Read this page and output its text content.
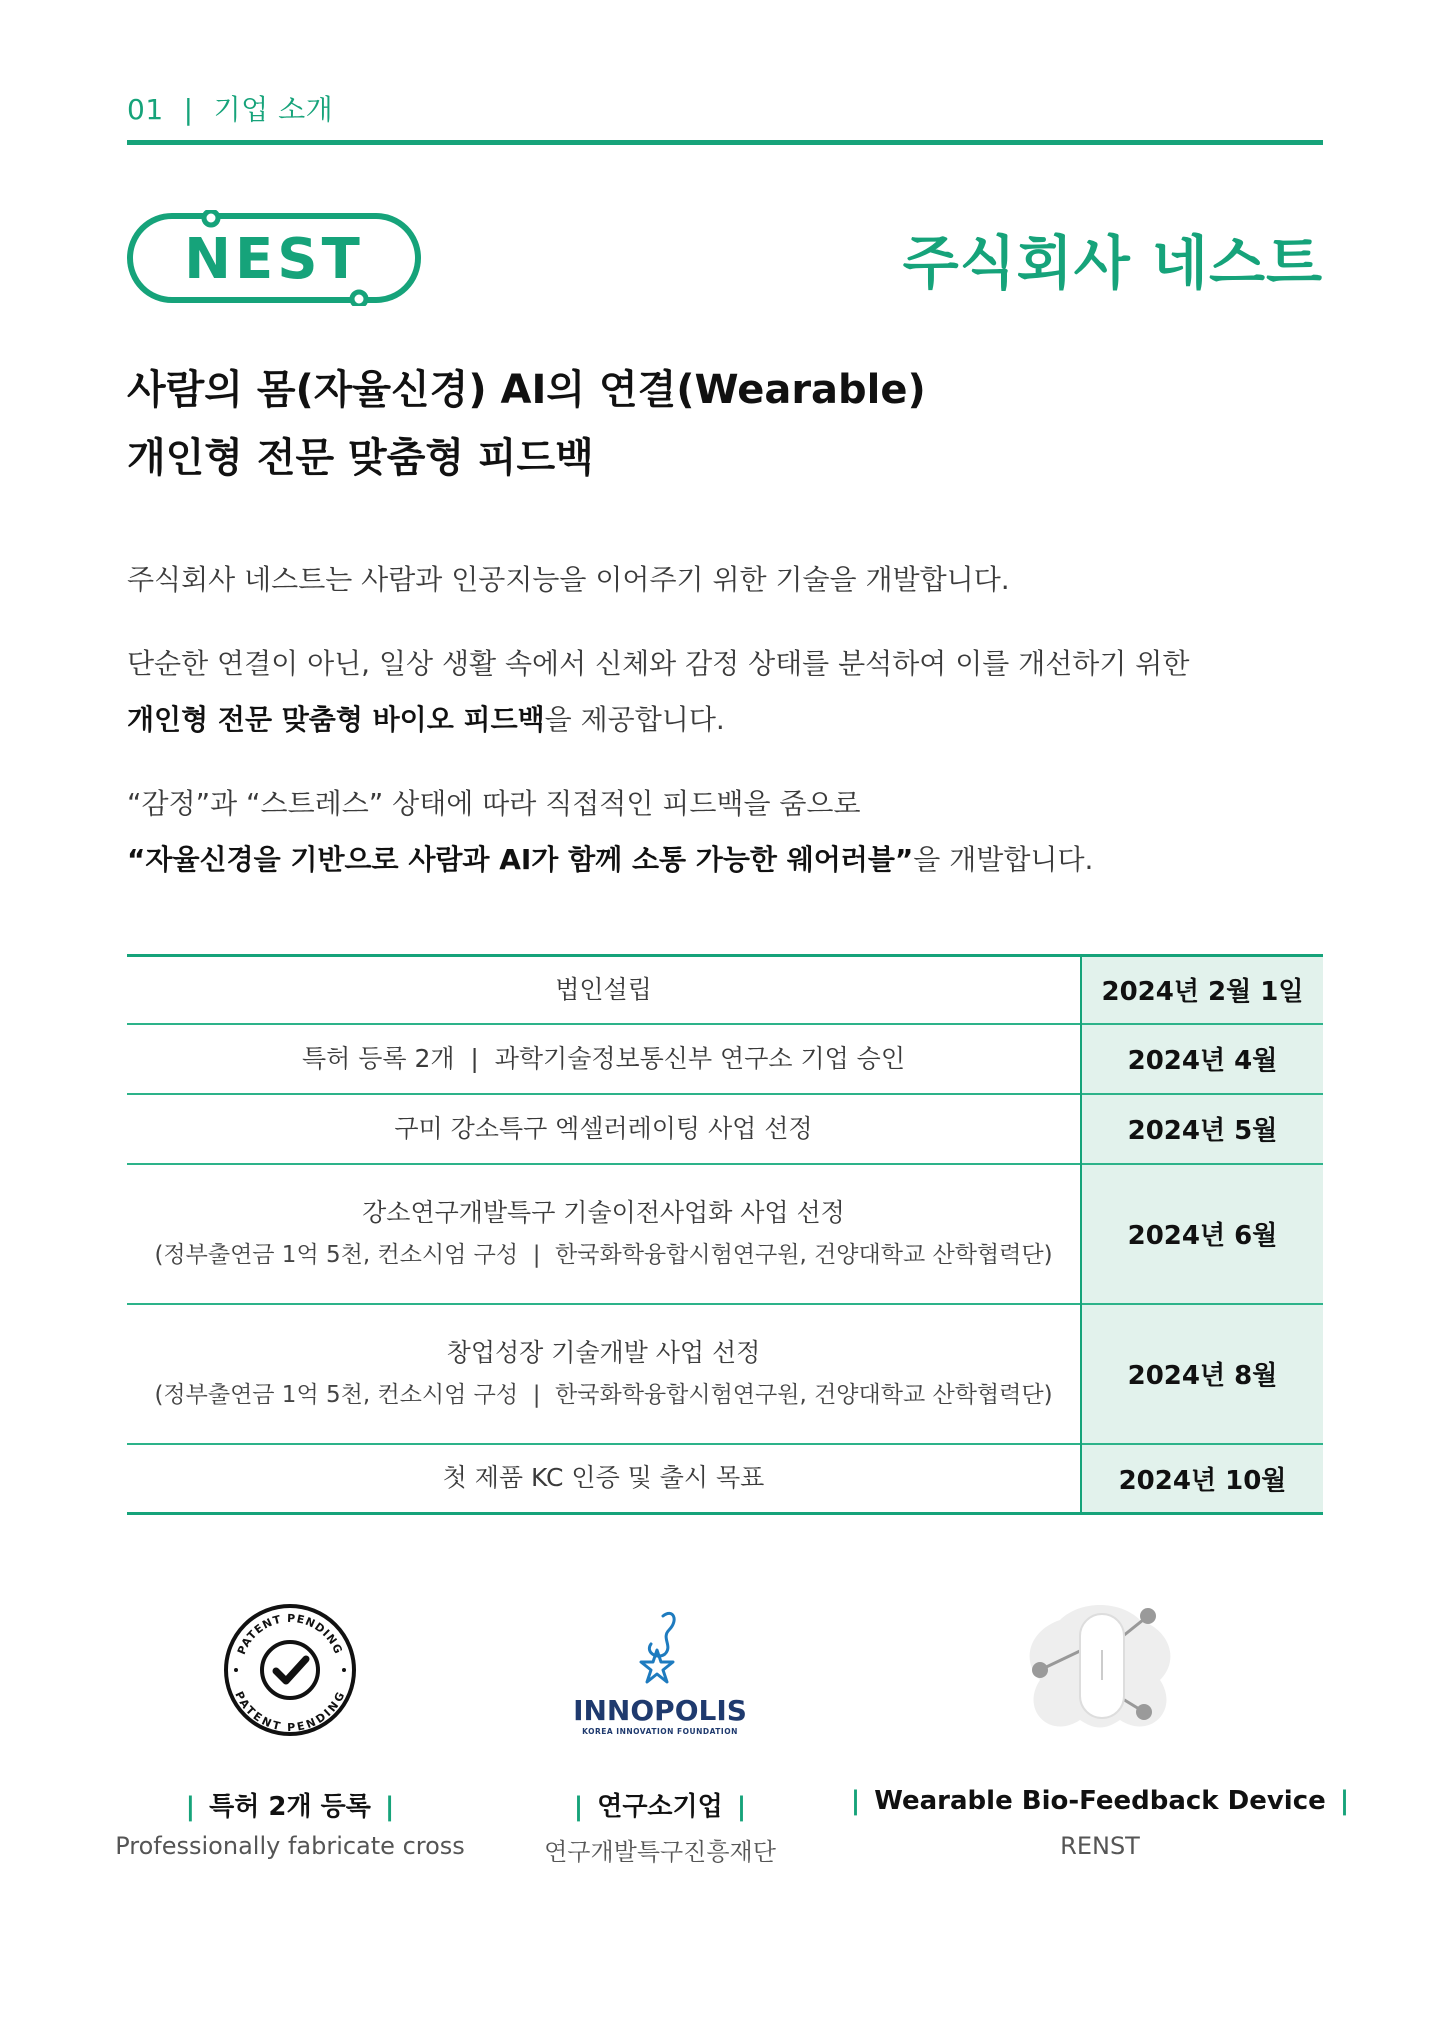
01 | 기업 소개
NEST	주식회사 네스트
사람의 몸(자율신경) AI의 연결(Wearable)
개인형 전문 맞춤형 피드백
주식회사 네스트는 사람과 인공지능을 이어주기 위한 기술을 개발합니다.
단순한 연결이 아닌, 일상 생활 속에서 신체와 감정 상태를 분석하여 이를 개선하기 위한
개인형 전문 맞춤형 바이오 피드백을 제공합니다.
“감정”과 “스트레스” 상태에 따라 직접적인 피드백을 줌으로
“자율신경을 기반으로 사람과 AI가 함께 소통 가능한 웨어러블”을 개발합니다.
법인설립	2024년 2월 1일
특허 등록 2개  |  과학기술정보통신부 연구소 기업 승인	2024년 4월
구미 강소특구 엑셀러레이팅 사업 선정	2024년 5월

강소연구개발특구 기술이전사업화 사업 선정
(정부출연금 1억 5천, 컨소시엄 구성  |  한국화학융합시험연구원, 건양대학교 산학협력단)	2024년 6월

창업성장 기술개발 사업 선정
(정부출연금 1억 5천, 컨소시엄 구성  |  한국화학융합시험연구원, 건양대학교 산학협력단)	2024년 8월
첫 제품 KC 인증 및 출시 목표	2024년 10월
PATENT PENDING
PATENT PENDING
| 특허 2개 등록 |
Professionally fabricate cross
INNOPOLIS
KOREA INNOVATION FOUNDATION
| 연구소기업 |
연구개발특구진흥재단
| Wearable Bio-Feedback Device |
RENST
